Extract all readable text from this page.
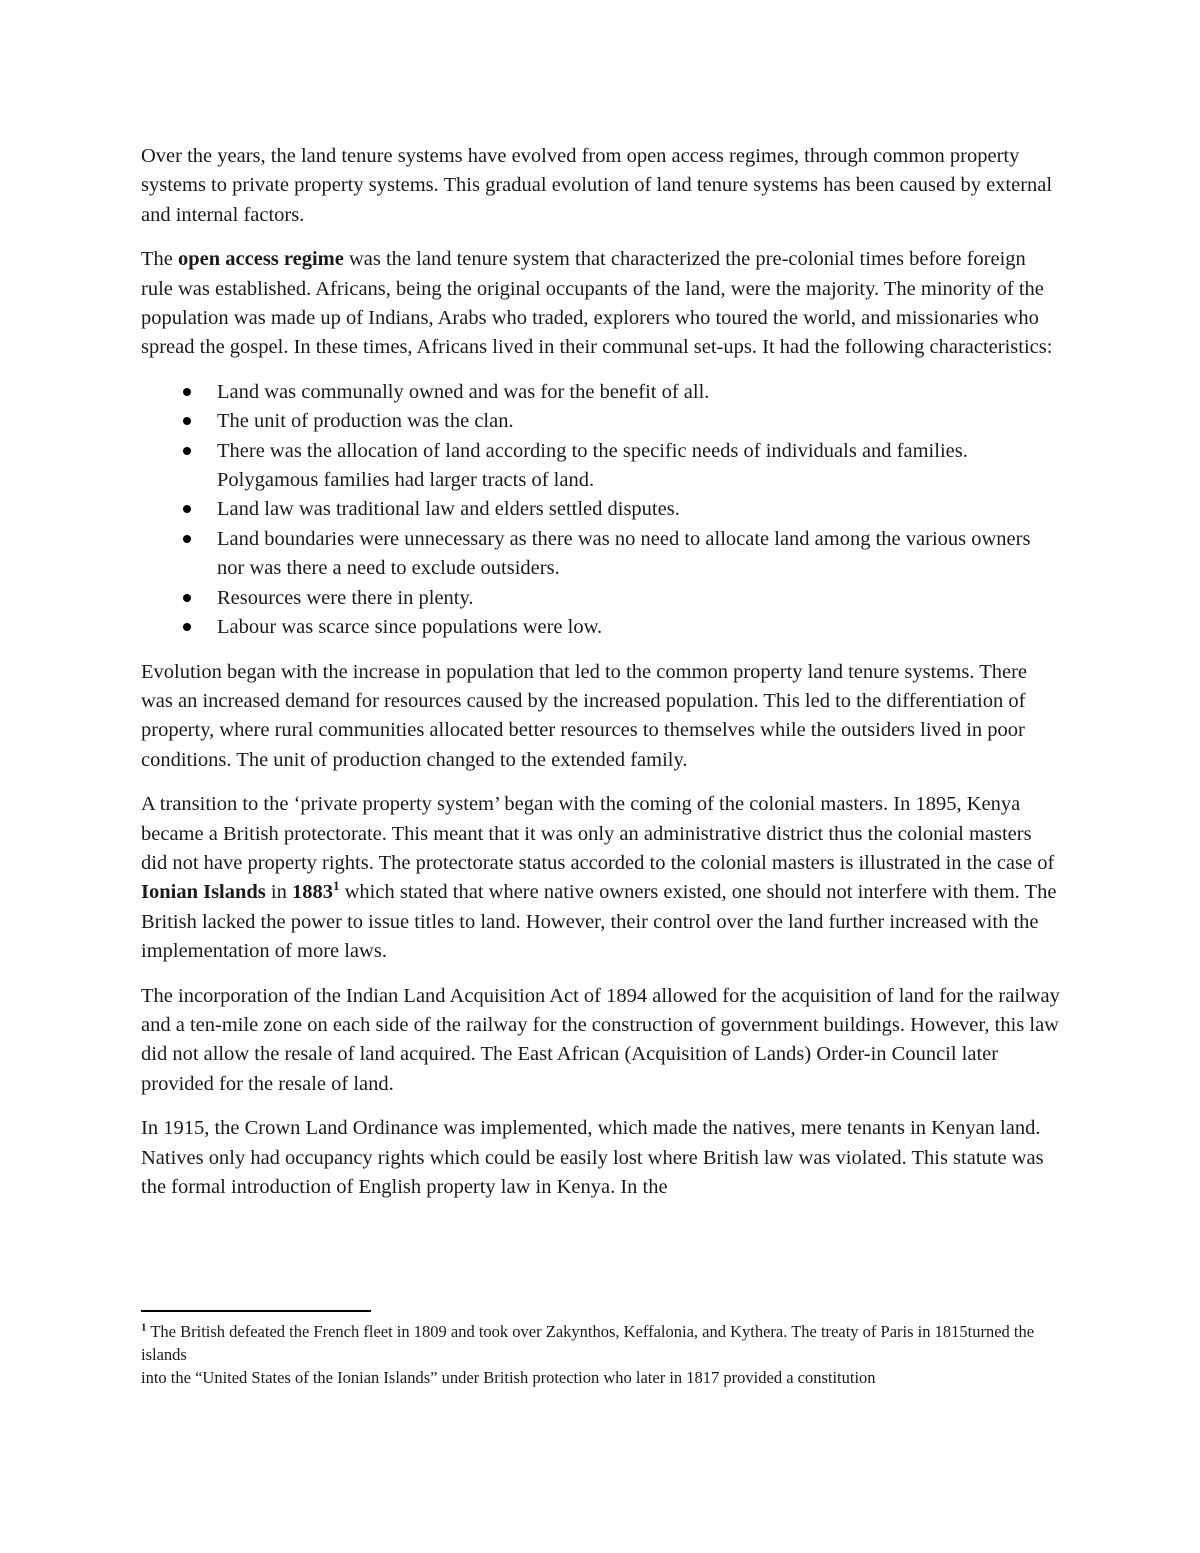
Over the years, the land tenure systems have evolved from open access regimes, through common property systems to private property systems. This gradual evolution of land tenure systems has been caused by external and internal factors.

The open access regime was the land tenure system that characterized the pre-colonial times before foreign rule was established. Africans, being the original occupants of the land, were the majority. The minority of the population was made up of Indians, Arabs who traded, explorers who toured the world, and missionaries who spread the gospel. In these times, Africans lived in their communal set-ups. It had the following characteristics:

Land was communally owned and was for the benefit of all.
The unit of production was the clan.
There was the allocation of land according to the specific needs of individuals and families. Polygamous families had larger tracts of land.
Land law was traditional law and elders settled disputes.
Land boundaries were unnecessary as there was no need to allocate land among the various owners nor was there a need to exclude outsiders.
Resources were there in plenty.
Labour was scarce since populations were low.

Evolution began with the increase in population that led to the common property land tenure systems. There was an increased demand for resources caused by the increased population. This led to the differentiation of property, where rural communities allocated better resources to themselves while the outsiders lived in poor conditions. The unit of production changed to the extended family.

A transition to the ‘private property system’ began with the coming of the colonial masters. In 1895, Kenya became a British protectorate. This meant that it was only an administrative district thus the colonial masters did not have property rights. The protectorate status accorded to the colonial masters is illustrated in the case of Ionian Islands in 1883$^1$ which stated that where native owners existed, one should not interfere with them. The British lacked the power to issue titles to land. However, their control over the land further increased with the implementation of more laws.

The incorporation of the Indian Land Acquisition Act of 1894 allowed for the acquisition of land for the railway and a ten-mile zone on each side of the railway for the construction of government buildings. However, this law did not allow the resale of land acquired. The East African (Acquisition of Lands) Order-in Council later provided for the resale of land.

In 1915, the Crown Land Ordinance was implemented, which made the natives, mere tenants in Kenyan land. Natives only had occupancy rights which could be easily lost where British law was violated. This statute was the formal introduction of English property law in Kenya. In the

$^1$ The British defeated the French fleet in 1809 and took over Zakynthos, Keffalonia, and Kythera. The treaty of Paris in 1815turned the islands

into the “United States of the Ionian Islands” under British protection who later in 1817 provided a constitution
